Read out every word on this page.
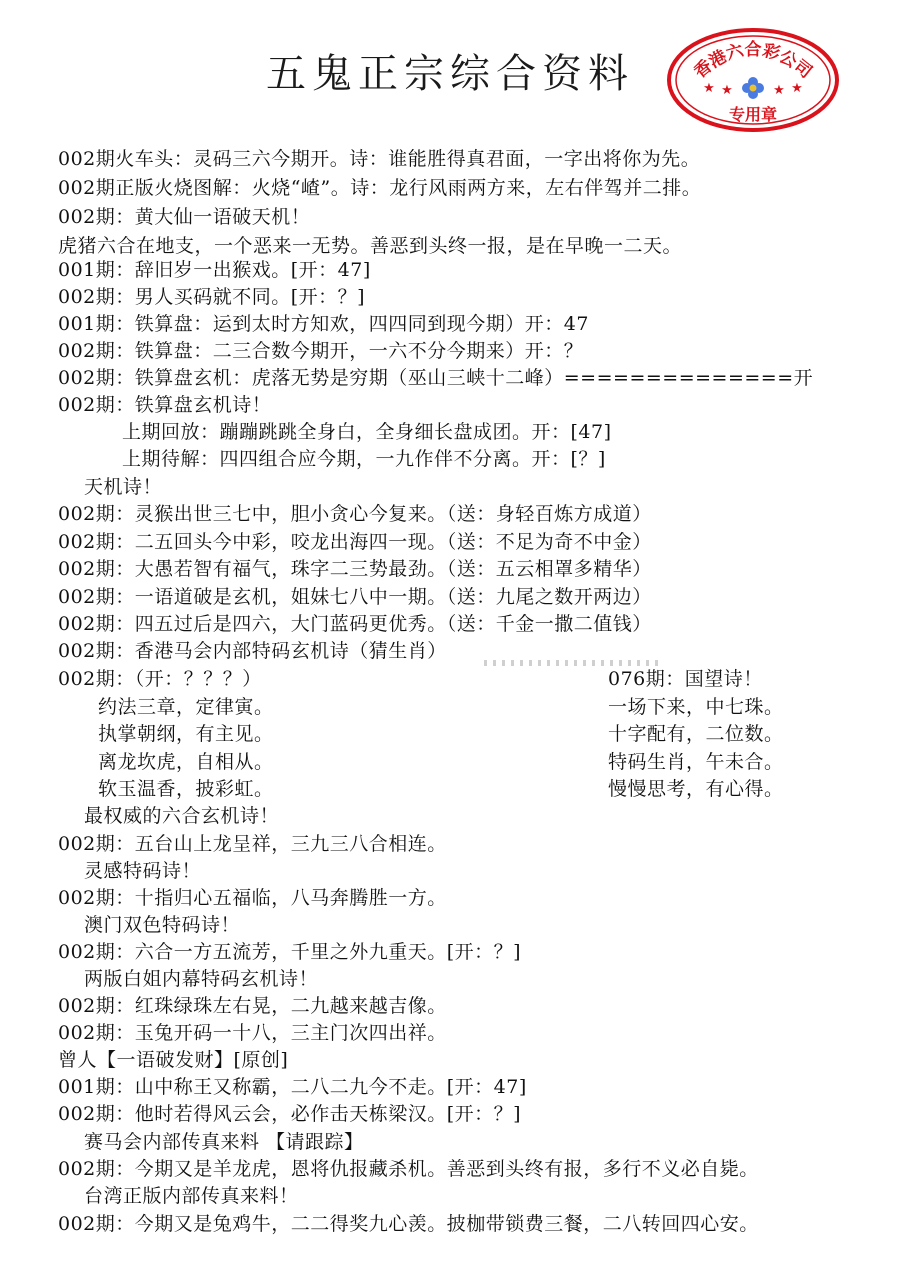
五鬼正宗综合资料	香港六合彩公司
★ ★	★ ★
专用章
002期火车头：灵码三六今期开。诗：谁能胜得真君面，一字出将你为先。
002期正版火烧图解：火烧“嵖”。诗：龙行风雨两方来，左右伴驾并二排。
002期：黄大仙一语破天机！
虎猪六合在地支，一个恶来一无势。善恶到头终一报，是在早晚一二天。
001期：辞旧岁一出猴戏。[开：47]
002期：男人买码就不同。[开：？]
001期：铁算盘：运到太时方知欢，四四同到现今期）开：47
002期：铁算盘：二三合数今期开，一六不分今期来）开：？
002期：铁算盘玄机：虎落无势是穷期（巫山三峡十二峰）==============开
002期：铁算盘玄机诗！
上期回放：蹦蹦跳跳全身白，全身细长盘成团。开：[47]
上期待解：四四组合应今期，一九作伴不分离。开：[？]
天机诗！
002期：灵猴出世三七中，胆小贪心今复来。（送：身轻百炼方成道）
002期：二五回头今中彩，咬龙出海四一现。（送：不足为奇不中金）
002期：大愚若智有福气，珠字二三势最劲。（送：五云相罩多精华）
002期：一语道破是玄机，姐妹七八中一期。（送：九尾之数开两边）
002期：四五过后是四六，大门蓝码更优秀。（送：千金一撒二值钱）
002期：香港马会内部特码玄机诗（猜生肖）
002期：（开：？？？）
约法三章，定律寅。
执掌朝纲，有主见。
离龙坎虎，自相从。
软玉温香，披彩虹。
最权威的六合玄机诗！
002期：五台山上龙呈祥，三九三八合相连。
灵感特码诗！
002期：十指归心五福临，八马奔腾胜一方。
澳门双色特码诗！
002期：六合一方五流芳，千里之外九重天。[开：？]
两版白姐内幕特码玄机诗！
002期：红珠绿珠左右晃，二九越来越吉像。
002期：玉兔开码一十八，三主门次四出祥。
曾人【一语破发财】[原创]
001期：山中称王又称霸，二八二九今不走。[开：47]
002期：他时若得风云会，必作击天栋梁汉。[开：？]
赛马会内部传真来料 【请跟踪】
002期：今期又是羊龙虎，恩将仇报藏杀机。善恶到头终有报，多行不义必自毙。
台湾正版内部传真来料！
002期：今期又是兔鸡牛，二二得奖九心羡。披枷带锁费三餐，二八转回四心安。
076期：国望诗！
一场下来，中七珠。
十字配有，二位数。
特码生肖，午未合。
慢慢思考，有心得。
